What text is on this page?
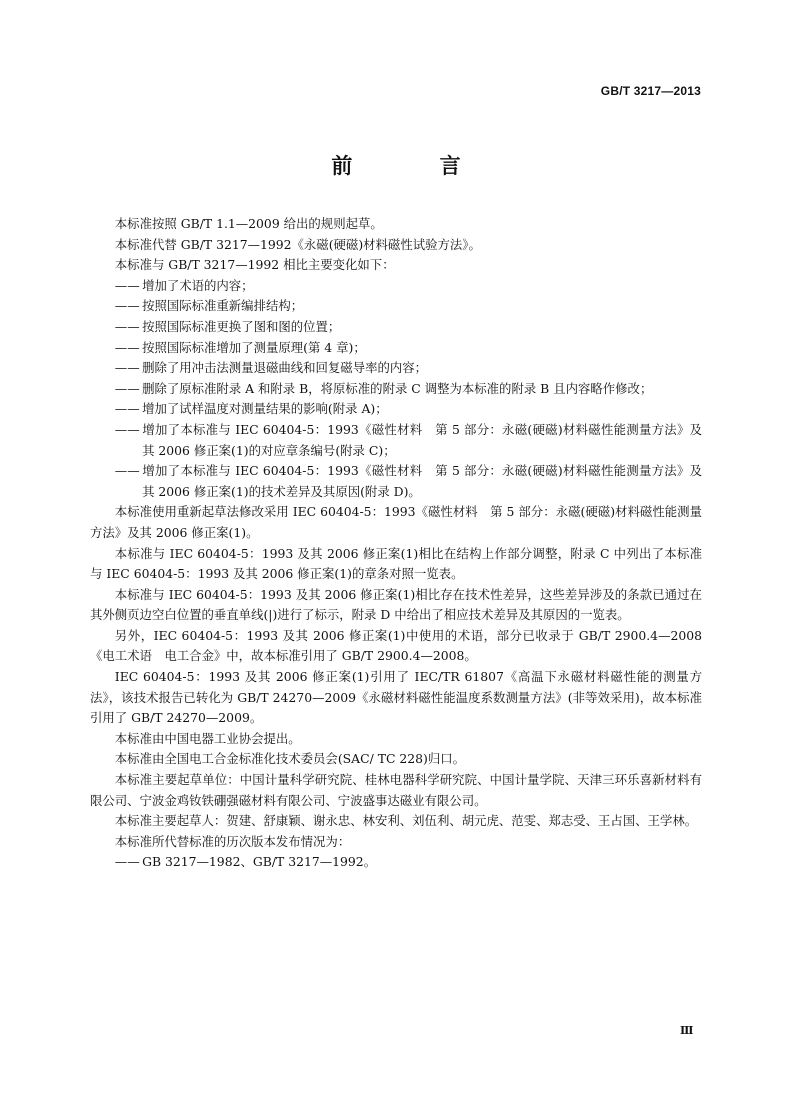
GB/T 3217—2013
前 言

本标准按照 GB/T 1.1—2009 给出的规则起草。

本标准代替 GB/T 3217—1992《永磁(硬磁)材料磁性试验方法》。

本标准与 GB/T 3217—1992 相比主要变化如下：

—— 增加了术语的内容；

—— 按照国际标准重新编排结构；

—— 按照国际标准更换了图和图的位置；

—— 按照国际标准增加了测量原理(第 4 章)；

—— 删除了用冲击法测量退磁曲线和回复磁导率的内容；

—— 删除了原标准附录 A 和附录 B，将原标准的附录 C 调整为本标准的附录 B 且内容略作修改；

—— 增加了试样温度对测量结果的影响(附录 A)；

—— 增加了本标准与 IEC 60404-5：1993《磁性材料　第 5 部分：永磁(硬磁)材料磁性能测量方法》及其 2006 修正案(1)的对应章条编号(附录 C)；

—— 增加了本标准与 IEC 60404-5：1993《磁性材料　第 5 部分：永磁(硬磁)材料磁性能测量方法》及其 2006 修正案(1)的技术差异及其原因(附录 D)。

本标准使用重新起草法修改采用 IEC 60404-5：1993《磁性材料　第 5 部分：永磁(硬磁)材料磁性能测量方法》及其 2006 修正案(1)。

本标准与 IEC 60404-5：1993 及其 2006 修正案(1)相比在结构上作部分调整，附录 C 中列出了本标准与 IEC 60404-5：1993 及其 2006 修正案(1)的章条对照一览表。

本标准与 IEC 60404-5：1993 及其 2006 修正案(1)相比存在技术性差异，这些差异涉及的条款已通过在其外侧页边空白位置的垂直单线(|)进行了标示，附录 D 中给出了相应技术差异及其原因的一览表。

另外，IEC 60404-5：1993 及其 2006 修正案(1)中使用的术语，部分已收录于 GB/T 2900.4—2008《电工术语　电工合金》中，故本标准引用了 GB/T 2900.4—2008。

IEC 60404-5：1993 及其 2006 修正案(1)引用了 IEC/TR 61807《高温下永磁材料磁性能的测量方法》，该技术报告已转化为 GB/T 24270—2009《永磁材料磁性能温度系数测量方法》(非等效采用)，故本标准引用了 GB/T 24270—2009。

本标准由中国电器工业协会提出。

本标准由全国电工合金标准化技术委员会(SAC/ TC 228)归口。

本标准主要起草单位：中国计量科学研究院、桂林电器科学研究院、中国计量学院、天津三环乐喜新材料有限公司、宁波金鸡钕铁硼强磁材料有限公司、宁波盛事达磁业有限公司。

本标准主要起草人：贺建、舒康颖、谢永忠、林安利、刘伍利、胡元虎、范雯、郑志受、王占国、王学林。

本标准所代替标准的历次版本发布情况为：

—— GB 3217—1982、GB/T 3217—1992。

Ⅲ
